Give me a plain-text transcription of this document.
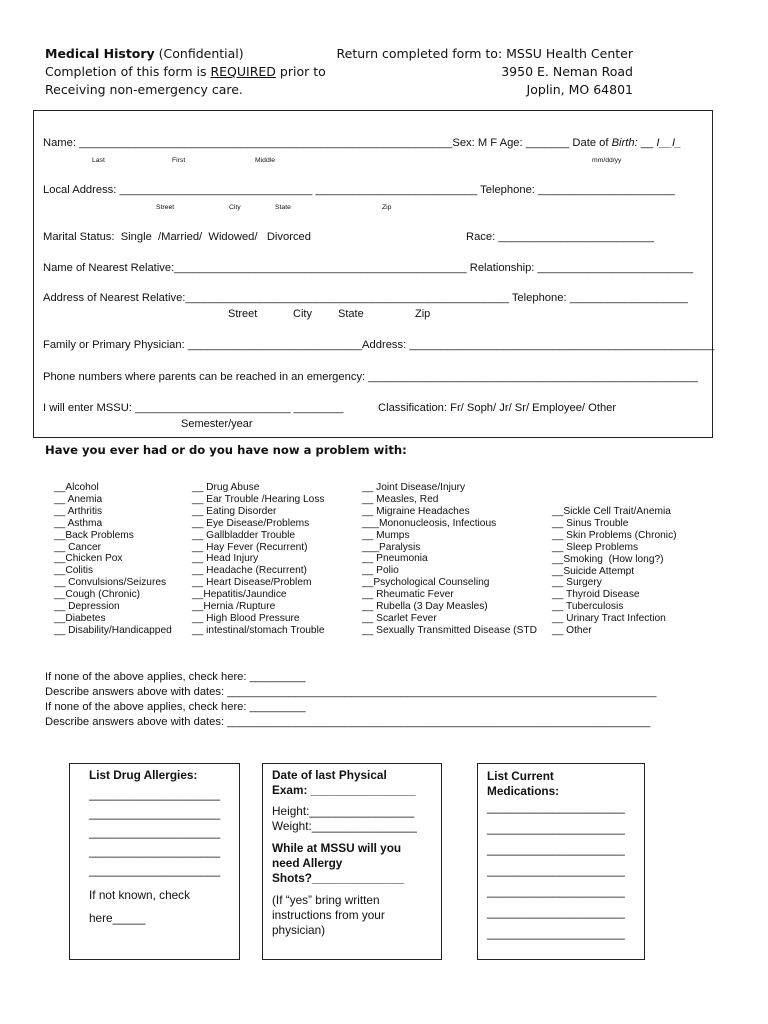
Medical History (Confidential)
Completion of this form is REQUIRED prior to
Receiving non-emergency care.
Return completed form to: MSSU Health Center
3950 E. Neman Road
Joplin, MO 64801
Name: ____________________________________________________________Sex: M F Age: _______ Date of Birth: __ I__I_
Last	First	Middle	mm/dd/yy
Local Address: _______________________________ __________________________ Telephone: ______________________
Street	City	State	Zip
Marital Status:  Single  /Married/  Widowed/   Divorced	Race: _________________________
Name of Nearest Relative:_______________________________________________ Relationship: _________________________
Address of Nearest Relative:____________________________________________________ Telephone: ___________________
Street	City State	Zip
Family or Primary Physician: ____________________________Address: _________________________________________________
Phone numbers where parents can be reached in an emergency: _____________________________________________________
I will enter MSSU: _________________________ ________	Classification: Fr/ Soph/ Jr/ Sr/ Employee/ Other
Semester/year
Have you ever had or do you have now a problem with:
__Alcohol
__ Anemia
__ Arthritis
__ Asthma
__Back Problems
__ Cancer
__Chicken Pox
__Colitis
__ Convulsions/Seizures
__Cough (Chronic)
__ Depression
__Diabetes
__ Disability/Handicapped
__ Drug Abuse
__ Ear Trouble /Hearing Loss
__ Eating Disorder
__ Eye Disease/Problems
__ Gallbladder Trouble
__ Hay Fever (Recurrent)
__ Head Injury
__ Headache (Recurrent)
__ Heart Disease/Problem
__Hepatitis/Jaundice
__Hernia /Rupture
__ High Blood Pressure
__ intestinal/stomach Trouble
__ Joint Disease/Injury
__ Measles, Red
__ Migraine Headaches
___Mononucleosis, Infectious
__ Mumps
___Paralysis
__ Pneumonia
__ Polio
__Psychological Counseling
__ Rheumatic Fever
__ Rubella (3 Day Measles)
__ Scarlet Fever
__ Sexually Transmitted Disease (STD
__Sickle Cell Trait/Anemia
__ Sinus Trouble
__ Skin Problems (Chronic)
__ Sleep Problems
__Smoking  (How long?)
__Suicide Attempt
__ Surgery
__ Thyroid Disease
__ Tuberculosis
__ Urinary Tract Infection
__ Other
If none of the above applies, check here: _________
Describe answers above with dates: _____________________________________________________________________
If none of the above applies, check here: _________
Describe answers above with dates: ____________________________________________________________________
List Drug Allergies:
____________________
____________________
____________________
____________________
____________________
If not known, check
here_____
Date of last Physical
Exam: ________________
Height:________________
Weight:________________
While at MSSU will you
need Allergy
Shots?______________
(If “yes” bring written
instructions from your
physician)
List Current
Medications:
_____________________
_____________________
_____________________
_____________________
_____________________
_____________________
_____________________
